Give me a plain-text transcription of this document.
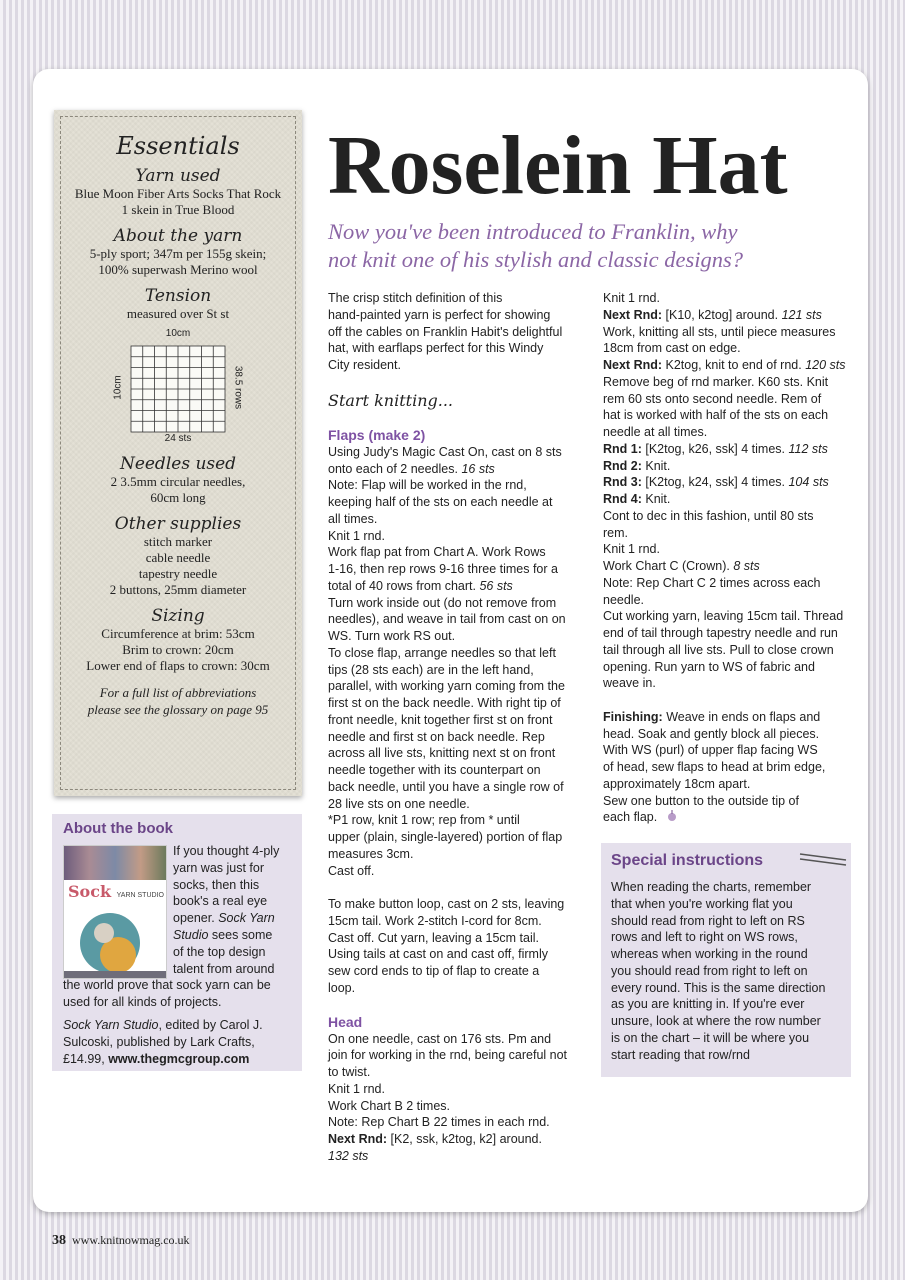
Essentials
Yarn used

Blue Moon Fiber Arts Socks That Rock

1 skein in True Blood

About the yarn

5-ply sport; 347m per 155g skein;

100% superwash Merino wool

Tension

measured over St st

10cm
24 sts
10cm	38.5 rows
Needles used

2 3.5mm circular needles,

60cm long

Other supplies

stitch marker

cable needle

tapestry needle

2 buttons, 25mm diameter

Sizing

Circumference at brim: 53cm

Brim to crown: 20cm

Lower end of flaps to crown: 30cm

For a full list of abbreviations
please see the glossary on page 95
About the book
Sock YARN STUDIO
If you thought 4-ply
yarn was just for
socks, then this
book's a real eye
opener. Sock Yarn
Studio sees some
of the top design
talent from around
the world prove that sock yarn can be
used for all kinds of projects.
Sock Yarn Studio, edited by Carol J.
Sulcoski, published by Lark Crafts,
£14.99, www.thegmcgroup.com
Roselein Hat
Now you've been introduced to Franklin, why
not knit one of his stylish and classic designs?

The crisp stitch definition of this

hand-painted yarn is perfect for showing

off the cables on Franklin Habit's delightful

hat, with earflaps perfect for this Windy

City resident.

Start knitting...
Flaps (make 2)

Using Judy's Magic Cast On, cast on 8 sts

onto each of 2 needles. 16 sts

Note: Flap will be worked in the rnd,

keeping half of the sts on each needle at

all times.

Knit 1 rnd.

Work flap pat from Chart A. Work Rows

1-16, then rep rows 9-16 three times for a

total of 40 rows from chart. 56 sts

Turn work inside out (do not remove from

needles), and weave in tail from cast on on

WS. Turn work RS out.

To close flap, arrange needles so that left

tips (28 sts each) are in the left hand,

parallel, with working yarn coming from the

first st on the back needle. With right tip of

front needle, knit together first st on front

needle and first st on back needle. Rep

across all live sts, knitting next st on front

needle together with its counterpart on

back needle, until you have a single row of

28 live sts on one needle.

*P1 row, knit 1 row; rep from * until

upper (plain, single-layered) portion of flap

measures 3cm.

Cast off.

To make button loop, cast on 2 sts, leaving

15cm tail. Work 2-stitch I-cord for 8cm.

Cast off. Cut yarn, leaving a 15cm tail.

Using tails at cast on and cast off, firmly

sew cord ends to tip of flap to create a

loop.

Head

On one needle, cast on 176 sts. Pm and

join for working in the rnd, being careful not

to twist.

Knit 1 rnd.

Work Chart B 2 times.

Note: Rep Chart B 22 times in each rnd.

Next Rnd: [K2, ssk, k2tog, k2] around.

132 sts

Knit 1 rnd.

Next Rnd: [K10, k2tog] around. 121 sts

Work, knitting all sts, until piece measures

18cm from cast on edge.

Next Rnd: K2tog, knit to end of rnd. 120 sts

Remove beg of rnd marker. K60 sts. Knit

rem 60 sts onto second needle. Rem of

hat is worked with half of the sts on each

needle at all times.

Rnd 1: [K2tog, k26, ssk] 4 times. 112 sts

Rnd 2: Knit.

Rnd 3: [K2tog, k24, ssk] 4 times. 104 sts

Rnd 4: Knit.

Cont to dec in this fashion, until 80 sts

rem.

Knit 1 rnd.

Work Chart C (Crown). 8 sts

Note: Rep Chart C 2 times across each

needle.

Cut working yarn, leaving 15cm tail. Thread

end of tail through tapestry needle and run

tail through all live sts. Pull to close crown

opening. Run yarn to WS of fabric and

weave in.

Finishing: Weave in ends on flaps and

head. Soak and gently block all pieces.

With WS (purl) of upper flap facing WS

of head, sew flaps to head at brim edge,

approximately 18cm apart.

Sew one button to the outside tip of

each flap.

Special instructions
When reading the charts, remember
that when you're working flat you
should read from right to left on RS
rows and left to right on WS rows,
whereas when working in the round
you should read from right to left on
every round. This is the same direction
as you are knitting in. If you're ever
unsure, look at where the row number
is on the chart – it will be where you
start reading that row/rnd
38 www.knitnowmag.co.uk
